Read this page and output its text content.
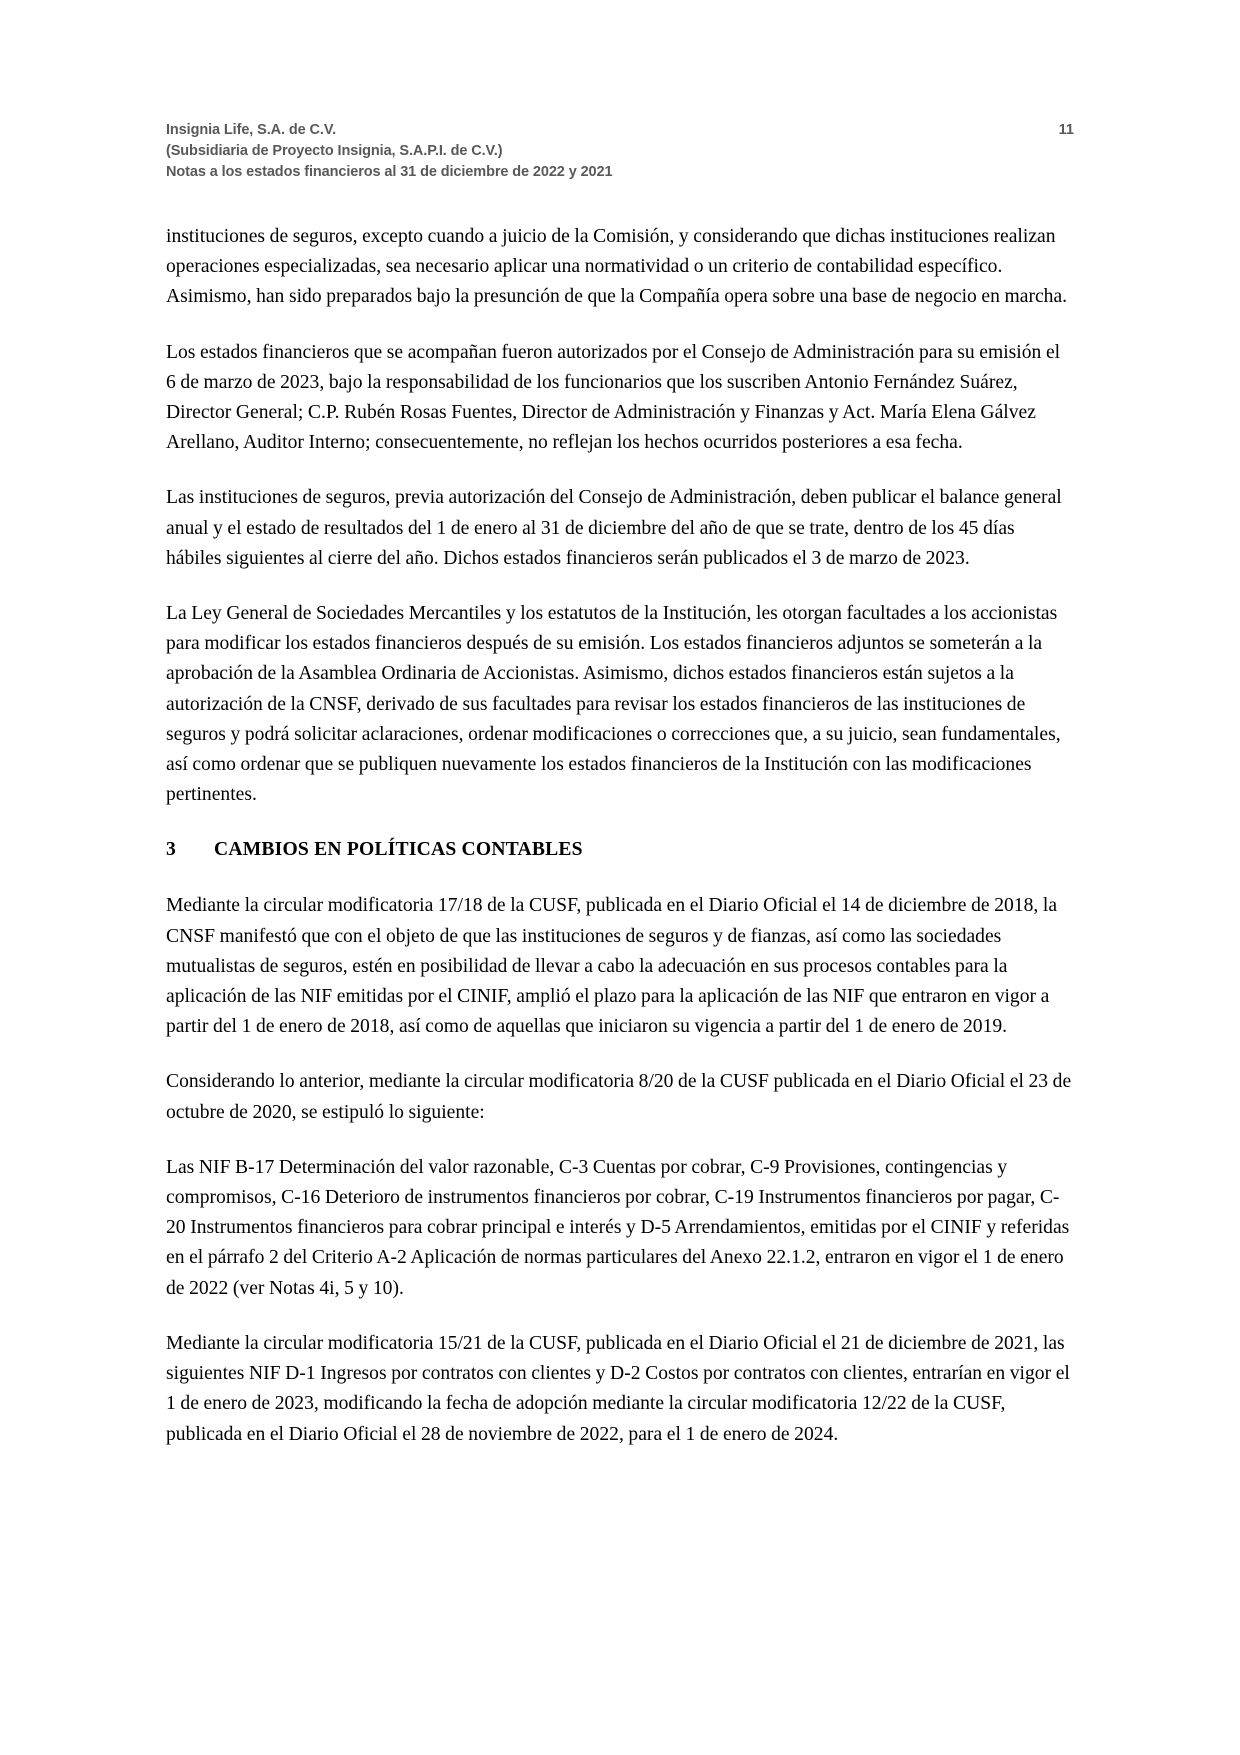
Insignia Life, S.A. de C.V.
(Subsidiaria de Proyecto Insignia, S.A.P.I. de C.V.)
Notas a los estados financieros al 31 de diciembre de 2022 y 2021
11

instituciones de seguros, excepto cuando a juicio de la Comisión, y considerando que dichas instituciones realizan operaciones especializadas, sea necesario aplicar una normatividad o un criterio de contabilidad específico. Asimismo, han sido preparados bajo la presunción de que la Compañía opera sobre una base de negocio en marcha.

Los estados financieros que se acompañan fueron autorizados por el Consejo de Administración para su emisión el 6 de marzo de 2023, bajo la responsabilidad de los funcionarios que los suscriben Antonio Fernández Suárez, Director General; C.P. Rubén Rosas Fuentes, Director de Administración y Finanzas y Act. María Elena Gálvez Arellano, Auditor Interno; consecuentemente, no reflejan los hechos ocurridos posteriores a esa fecha.

Las instituciones de seguros, previa autorización del Consejo de Administración, deben publicar el balance general anual y el estado de resultados del 1 de enero al 31 de diciembre del año de que se trate, dentro de los 45 días hábiles siguientes al cierre del año. Dichos estados financieros serán publicados el 3 de marzo de 2023.

La Ley General de Sociedades Mercantiles y los estatutos de la Institución, les otorgan facultades a los accionistas para modificar los estados financieros después de su emisión. Los estados financieros adjuntos se someterán a la aprobación de la Asamblea Ordinaria de Accionistas. Asimismo, dichos estados financieros están sujetos a la autorización de la CNSF, derivado de sus facultades para revisar los estados financieros de las instituciones de seguros y podrá solicitar aclaraciones, ordenar modificaciones o correcciones que, a su juicio, sean fundamentales, así como ordenar que se publiquen nuevamente los estados financieros de la Institución con las modificaciones pertinentes.

3	CAMBIOS EN POLÍTICAS CONTABLES

Mediante la circular modificatoria 17/18 de la CUSF, publicada en el Diario Oficial el 14 de diciembre de 2018, la CNSF manifestó que con el objeto de que las instituciones de seguros y de fianzas, así como las sociedades mutualistas de seguros, estén en posibilidad de llevar a cabo la adecuación en sus procesos contables para la aplicación de las NIF emitidas por el CINIF, amplió el plazo para la aplicación de las NIF que entraron en vigor a partir del 1 de enero de 2018, así como de aquellas que iniciaron su vigencia a partir del 1 de enero de 2019.

Considerando lo anterior, mediante la circular modificatoria 8/20 de la CUSF publicada en el Diario Oficial el 23 de octubre de 2020, se estipuló lo siguiente:

Las NIF B-17 Determinación del valor razonable, C-3 Cuentas por cobrar, C-9 Provisiones, contingencias y compromisos, C-16 Deterioro de instrumentos financieros por cobrar, C-19 Instrumentos financieros por pagar, C-20 Instrumentos financieros para cobrar principal e interés y D-5 Arrendamientos, emitidas por el CINIF y referidas en el párrafo 2 del Criterio A-2 Aplicación de normas particulares del Anexo 22.1.2, entraron en vigor el 1 de enero de 2022 (ver Notas 4i, 5 y 10).

Mediante la circular modificatoria 15/21 de la CUSF, publicada en el Diario Oficial el 21 de diciembre de 2021, las siguientes NIF D-1 Ingresos por contratos con clientes y D-2 Costos por contratos con clientes, entrarían en vigor el 1 de enero de 2023, modificando la fecha de adopción mediante la circular modificatoria 12/22 de la CUSF, publicada en el Diario Oficial el 28 de noviembre de 2022, para el 1 de enero de 2024.
